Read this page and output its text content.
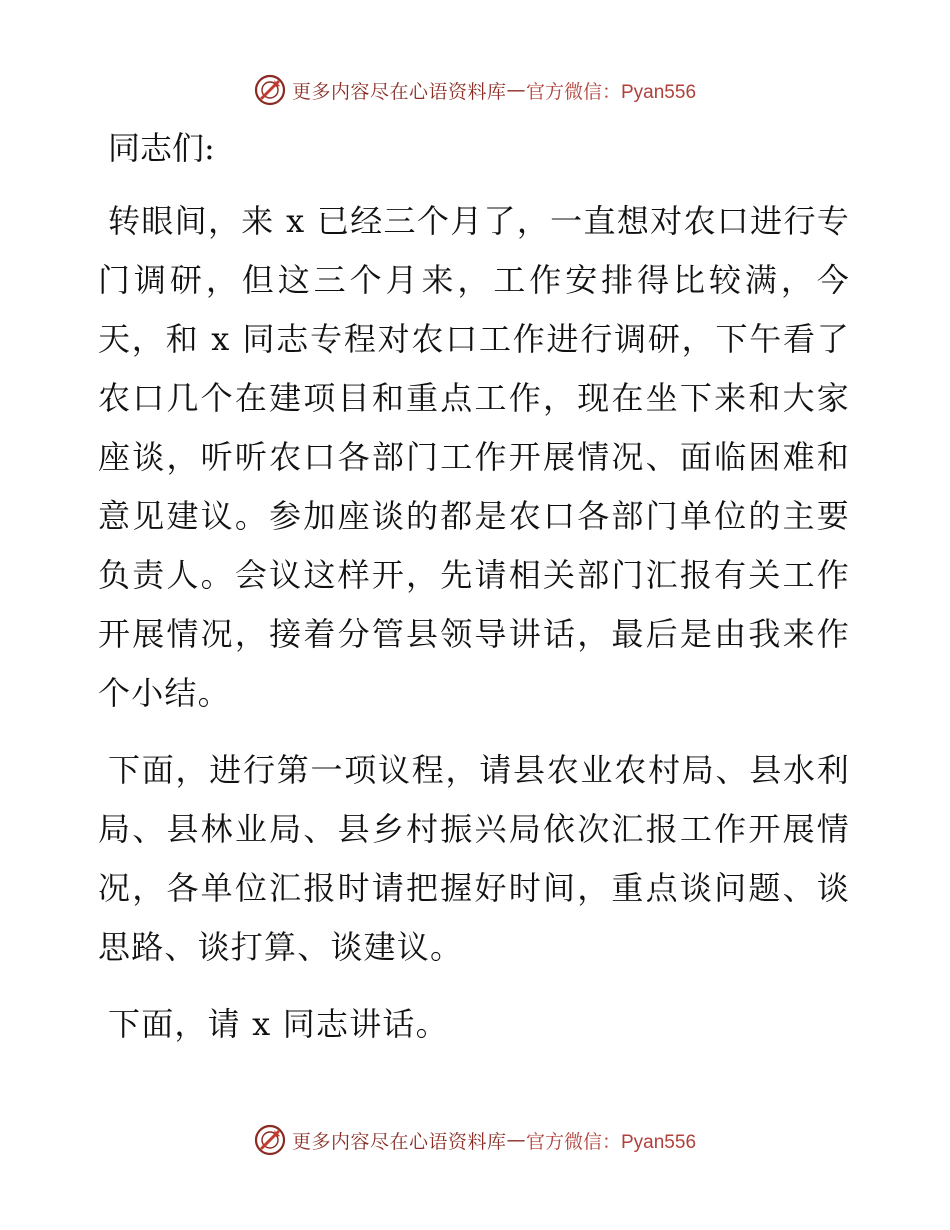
更多内容尽在心语资料库 — 官方微信：Pyan556
同志们:

转眼间，来 x 已经三个月了，一直想对农口进行专门调研，但这三个月来，工作安排得比较满，今天，和 x 同志专程对农口工作进行调研，下午看了农口几个在建项目和重点工作，现在坐下来和大家座谈，听听农口各部门工作开展情况、面临困难和意见建议。参加座谈的都是农口各部门单位的主要负责人。会议这样开，先请相关部门汇报有关工作开展情况，接着分管县领导讲话，最后是由我来作个小结。

下面，进行第一项议程，请县农业农村局、县水利局、县林业局、县乡村振兴局依次汇报工作开展情况，各单位汇报时请把握好时间，重点谈问题、谈思路、谈打算、谈建议。

下面，请 x 同志讲话。

更多内容尽在心语资料库 — 官方微信：Pyan556
